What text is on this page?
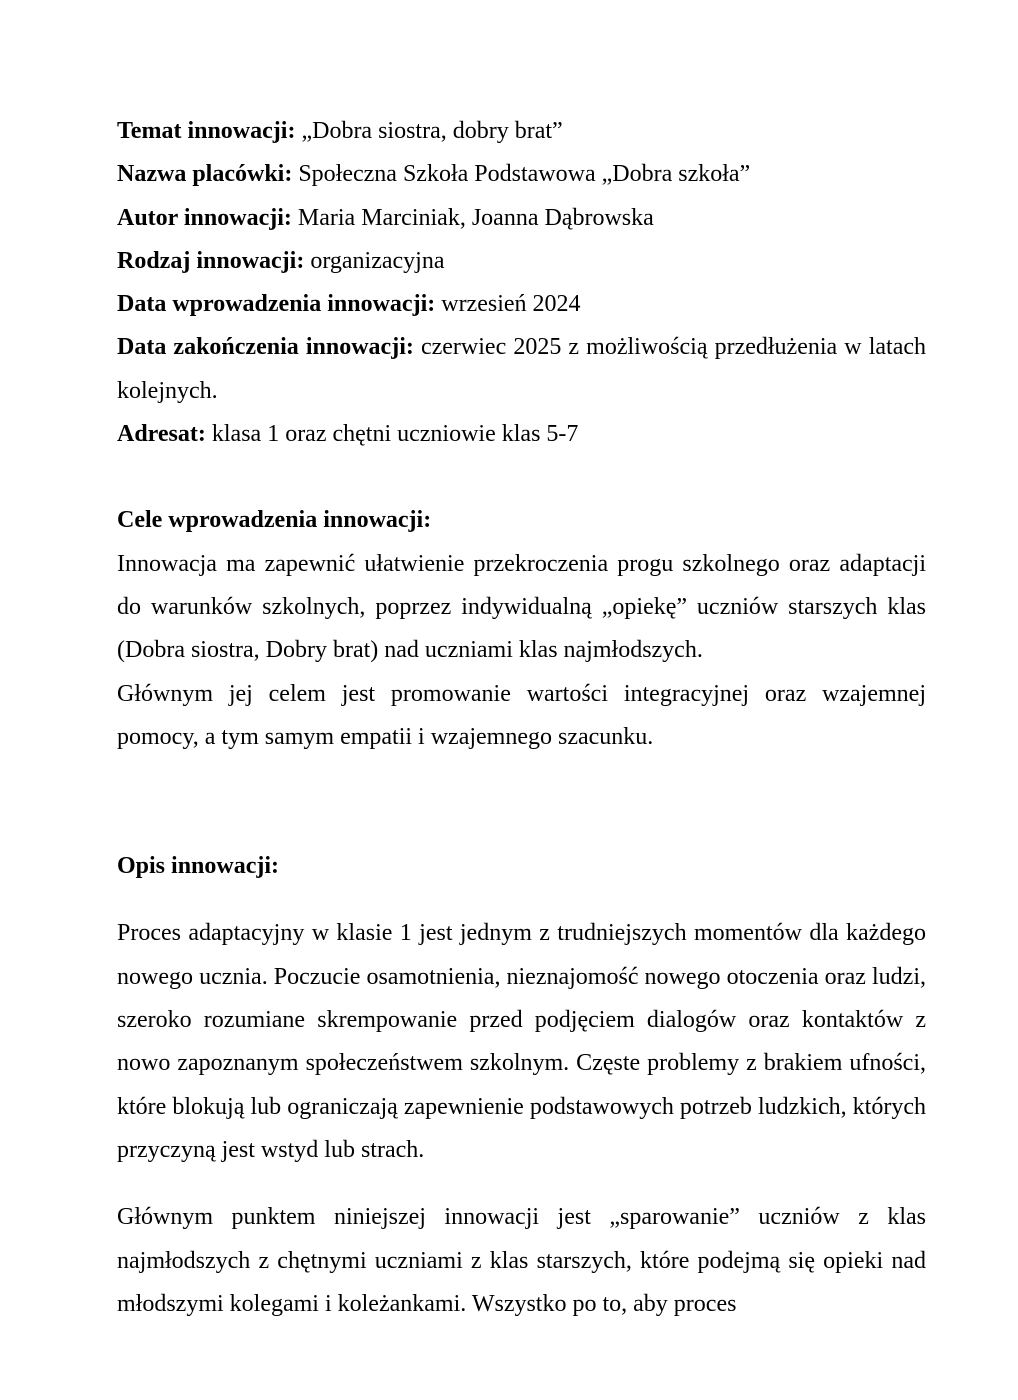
Temat innowacji: „Dobra siostra, dobry brat”

Nazwa placówki: Społeczna Szkoła Podstawowa „Dobra szkoła”

Autor innowacji: Maria Marciniak, Joanna Dąbrowska

Rodzaj innowacji: organizacyjna

Data wprowadzenia innowacji: wrzesień 2024

Data zakończenia innowacji: czerwiec 2025 z możliwością przedłużenia w latach kolejnych.

Adresat: klasa 1 oraz chętni uczniowie klas 5-7

Cele wprowadzenia innowacji:

Innowacja ma zapewnić ułatwienie przekroczenia progu szkolnego oraz adaptacji do warunków szkolnych, poprzez indywidualną „opiekę” uczniów starszych klas (Dobra siostra, Dobry brat) nad uczniami klas najmłodszych.

Głównym jej celem jest promowanie wartości integracyjnej oraz wzajemnej pomocy, a tym samym empatii i wzajemnego szacunku.

Opis innowacji:

Proces adaptacyjny w klasie 1 jest jednym z trudniejszych momentów dla każdego nowego ucznia. Poczucie osamotnienia, nieznajomość nowego otoczenia oraz ludzi, szeroko rozumiane skrempowanie przed podjęciem dialogów oraz kontaktów z nowo zapoznanym społeczeństwem szkolnym. Częste problemy z brakiem ufności, które blokują lub ograniczają zapewnienie podstawowych potrzeb ludzkich, których przyczyną jest wstyd lub strach.

Głównym punktem niniejszej innowacji jest „sparowanie” uczniów z klas najmłodszych z chętnymi uczniami z klas starszych, które podejmą się opieki nad młodszymi kolegami i koleżankami. Wszystko po to, aby proces
